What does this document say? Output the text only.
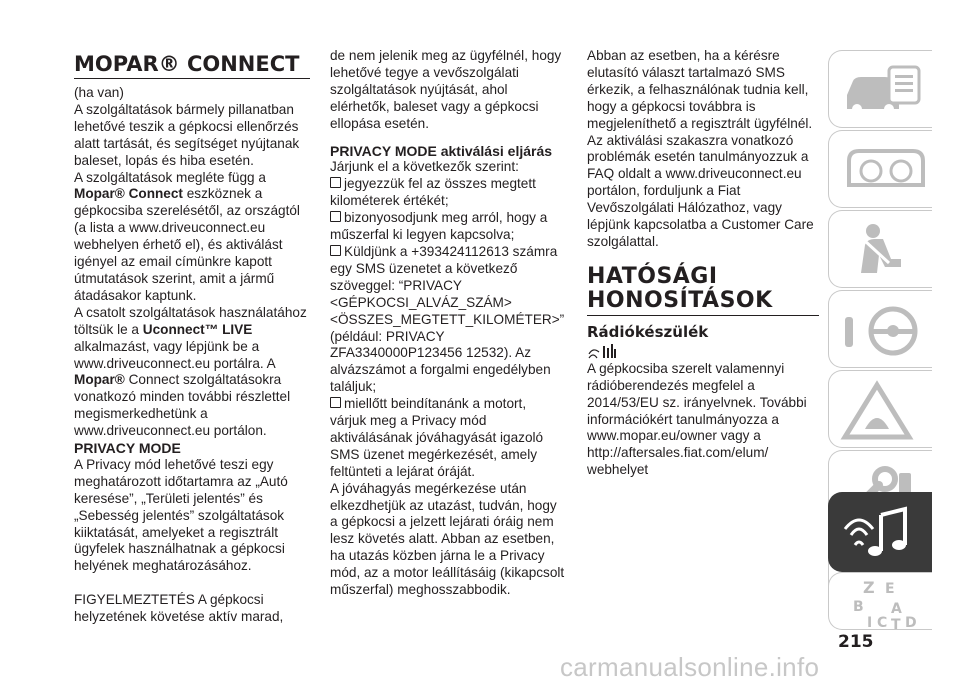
MOPAR® CONNECT

(ha van)

A szolgáltatások bármely pillanatban lehetővé teszik a gépkocsi ellenőrzés alatt tartását, és segítséget nyújtanak baleset, lopás és hiba esetén.

A szolgáltatások megléte függ a Mopar® Connect eszköznek a gépkocsiba szerelésétől, az országtól (a lista a www.driveuconnect.eu webhelyen érhető el), és aktiválást igényel az email címünkre kapott útmutatások szerint, amit a jármű átadásakor kaptunk.

A csatolt szolgáltatások használatához töltsük le a Uconnect™ LIVE alkalmazást, vagy lépjünk be a www.driveuconnect.eu portálra. A Mopar® Connect szolgáltatásokra vonatkozó minden további részlettel megismerkedhetünk a www.driveuconnect.eu portálon.

PRIVACY MODE

A Privacy mód lehetővé teszi egy meghatározott időtartamra az „Autó keresése”, „Területi jelentés” és „Sebesség jelentés” szolgáltatások kiiktatását, amelyeket a regisztrált ügyfelek használhatnak a gépkocsi helyének meghatározásához.

FIGYELMEZTETÉS A gépkocsi helyzetének követése aktív marad,

de nem jelenik meg az ügyfélnél, hogy lehetővé tegye a vevőszolgálati szolgáltatások nyújtását, ahol elérhetők, baleset vagy a gépkocsi ellopása esetén.

PRIVACY MODE aktiválási eljárás

Járjunk el a következők szerint:

jegyezzük fel az összes megtett kilométerek értékét;

bizonyosodjunk meg arról, hogy a műszerfal ki legyen kapcsolva;

Küldjünk a +393424112613 számra egy SMS üzenetet a következő szöveggel: “PRIVACY <GÉPKOCSI_ALVÁZ_SZÁM> <ÖSSZES_MEGTETT_KILOMÉTER>” (például: PRIVACY ZFA3340000P123456 12532). Az alvázszámot a forgalmi engedélyben találjuk;

miellőtt beindítanánk a motort, várjuk meg a Privacy mód aktiválásának jóváhagyását igazoló SMS üzenet megérkezését, amely feltünteti a lejárat óráját.

A jóváhagyás megérkezése után elkezdhetjük az utazást, tudván, hogy a gépkocsi a jelzett lejárati óráig nem lesz követés alatt. Abban az esetben, ha utazás közben járna le a Privacy mód, az a motor leállításáig (kikapcsolt műszerfal) meghosszabbodik.

Abban az esetben, ha a kérésre elutasító választ tartalmazó SMS érkezik, a felhasználónak tudnia kell, hogy a gépkocsi továbbra is megjeleníthető a regisztrált ügyfélnél. Az aktiválási szakaszra vonatkozó problémák esetén tanulmányozzuk a FAQ oldalt a www.driveuconnect.eu portálon, forduljunk a Fiat Vevőszolgálati Hálózathoz, vagy lépjünk kapcsolatba a Customer Care szolgálattal.

HATÓSÁGI
HONOSÍTÁSOK
Rádiókészülék

A gépkocsiba szerelt valamennyi rádióberendezés megfelel a 2014/53/EU sz. irányelvnek. További információkért tanulmányozza a www.mopar.eu/owner vagy a http://aftersales.fiat.com/elum/ webhelyet

Z E
B A
I C T D
215
carmanualsonline.info
